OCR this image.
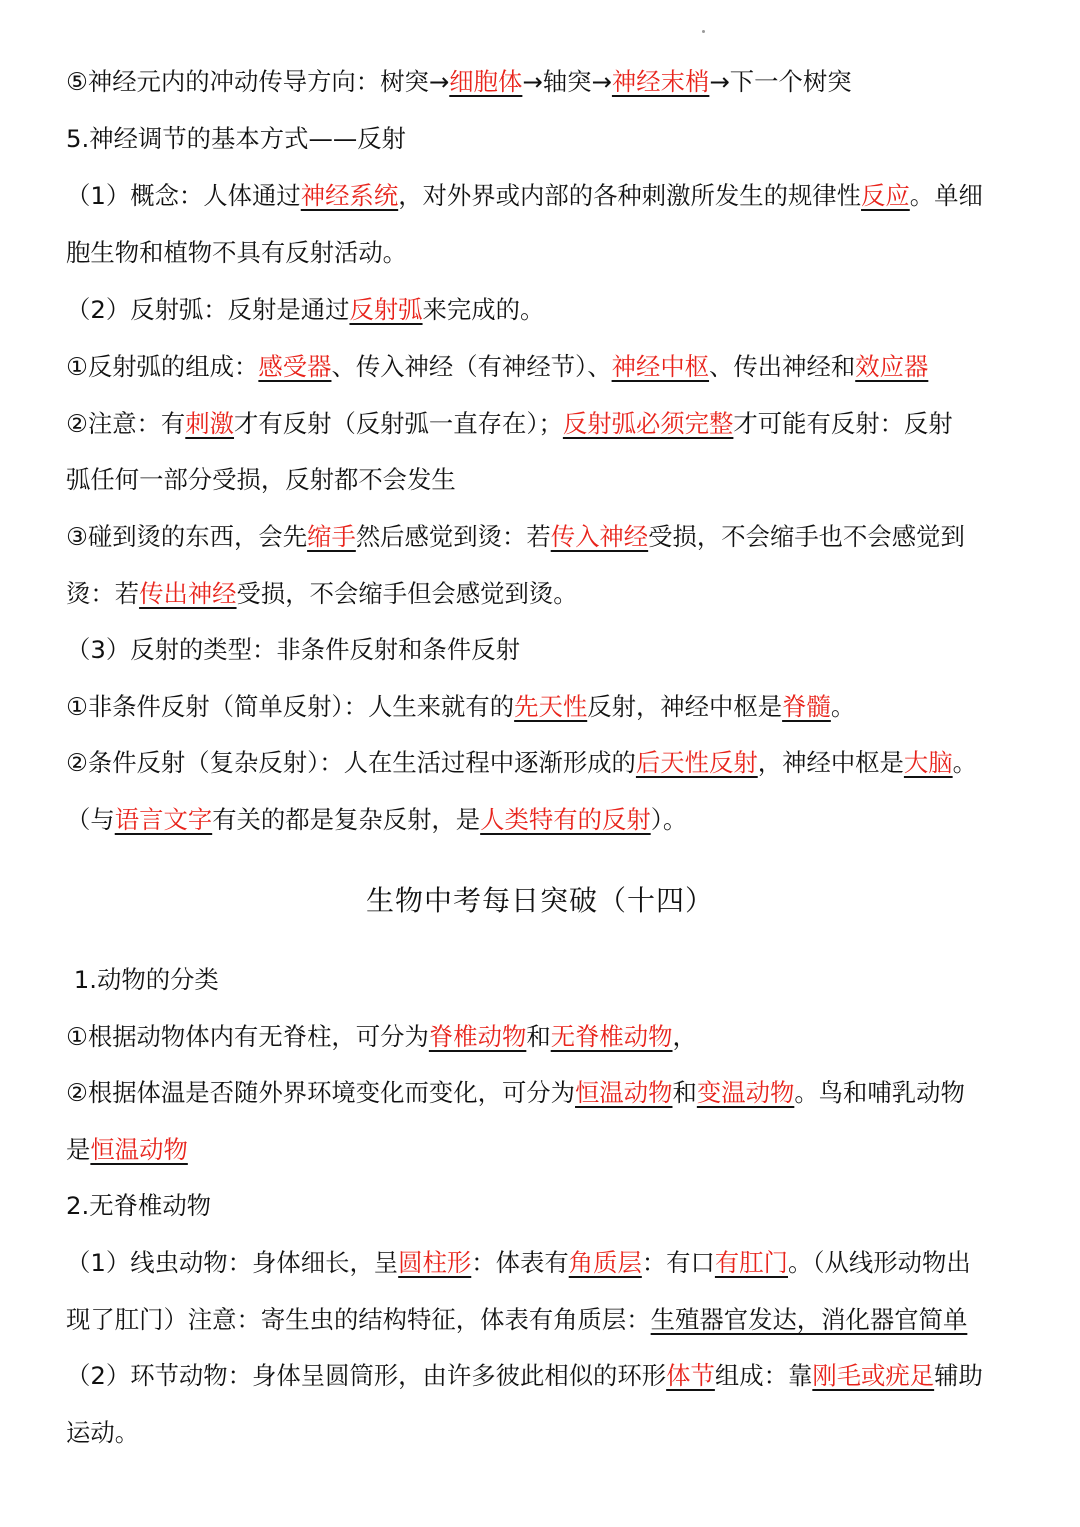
⑤神经元内的冲动传导方向：树突→细胞体→轴突→神经末梢→下一个树突
5.神经调节的基本方式——反射
（1）概念：人体通过神经系统，对外界或内部的各种刺激所发生的规律性反应。单细
胞生物和植物不具有反射活动。
（2）反射弧：反射是通过反射弧来完成的。
①反射弧的组成：感受器、传入神经（有神经节）、神经中枢、传出神经和效应器
②注意：有刺激才有反射（反射弧一直存在）；反射弧必须完整才可能有反射：反射
弧任何一部分受损，反射都不会发生
③碰到烫的东西，会先缩手然后感觉到烫：若传入神经受损，不会缩手也不会感觉到
烫：若传出神经受损，不会缩手但会感觉到烫。
（3）反射的类型：非条件反射和条件反射
①非条件反射（简单反射）：人生来就有的先天性反射，神经中枢是脊髓。
②条件反射（复杂反射）：人在生活过程中逐渐形成的后天性反射，神经中枢是大脑。
（与语言文字有关的都是复杂反射，是人类特有的反射）。
生物中考每日突破（十四）
1.动物的分类
①根据动物体内有无脊柱，可分为脊椎动物和无脊椎动物，
②根据体温是否随外界环境变化而变化，可分为恒温动物和变温动物。鸟和哺乳动物
是恒温动物
2.无脊椎动物
（1）线虫动物：身体细长，呈圆柱形：体表有角质层：有口有肛门。（从线形动物出
现了肛门）注意：寄生虫的结构特征，体表有角质层：生殖器官发达，消化器官简单
（2）环节动物：身体呈圆筒形，由许多彼此相似的环形体节组成：靠刚毛或疣足辅助
运动。
